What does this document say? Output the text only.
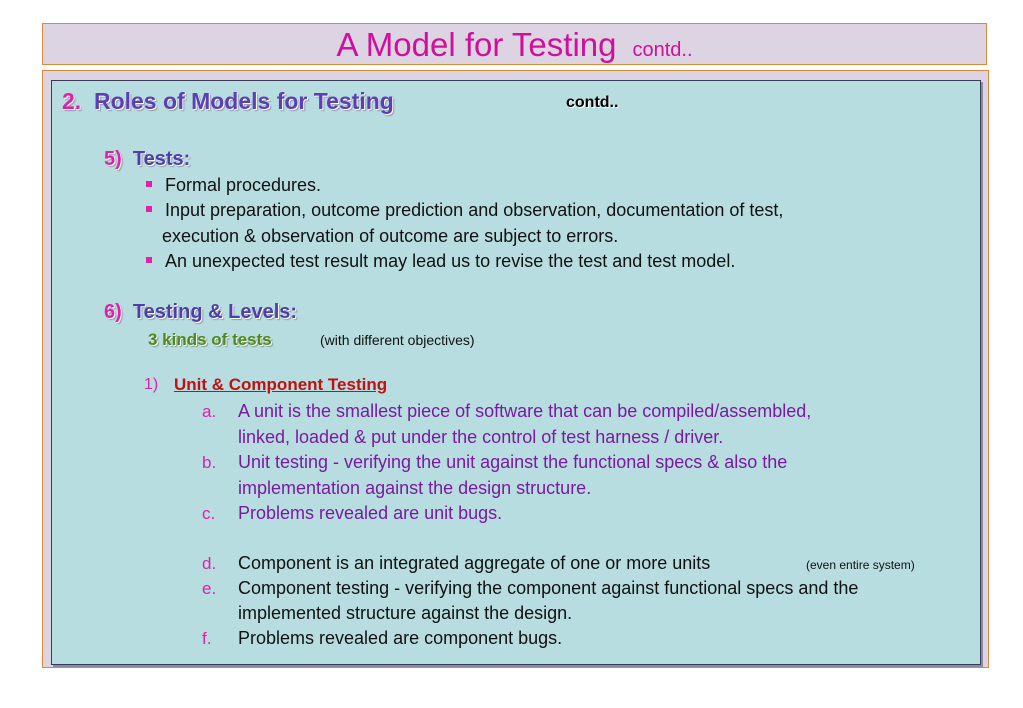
A Model for Testing contd..
2. Roles of Models for Testing	contd..
5) Tests:
Formal procedures.
Input preparation, outcome prediction and observation, documentation of test,
execution & observation of outcome are subject to errors.
An unexpected test result may lead us to revise the test and test model.
6) Testing & Levels:
3 kinds of tests	(with different objectives)
1) Unit & Component Testing
a. A unit is the smallest piece of software that can be compiled/assembled,
linked, loaded & put under the control of test harness / driver.
b. Unit testing - verifying the unit against the functional specs & also the
implementation against the design structure.
c. Problems revealed are unit bugs.
d. Component is an integrated aggregate of one or more units	(even entire system)
e. Component testing - verifying the component against functional specs and the
implemented structure against the design.
f. Problems revealed are component bugs.
